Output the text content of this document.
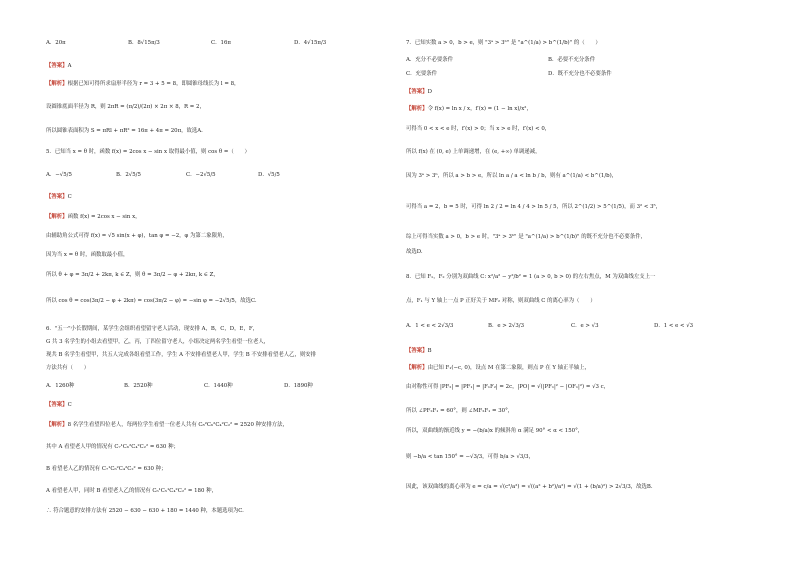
A．20π	B．8√15π/3	C．16π	D．4√15π/3
【答案】A
【解析】根据已知可得所求扇形半径为 r = 3 + 5 = 8，即圆锥母线长为 l = 8，
设圆锥底面半径为 R，则 2πR = (π/2)/(2π) × 2π × 8，R = 2，
所以圆锥表面积为 S = πRl + πR² = 16π + 4π = 20π，故选A.
5．已知当 x = θ 时，函数 f(x) = 2cos x − sin x 取得最小值，则 cos θ =（　　）
A．−√5/5	B．2√5/5	C．−2√5/5	D．√5/5
【答案】C
【解析】函数 f(x) = 2cos x − sin x，
由辅助角公式可得 f(x) = √5 sin(x + φ)，tan φ = −2，φ 为第二象限角，
因为当 x = θ 时，函数取最小值，
所以 θ + φ = 3π/2 + 2kπ, k ∈ Z，则 θ = 3π/2 − φ + 2kπ, k ∈ Z，
所以 cos θ = cos(3π/2 − φ + 2kπ) = cos(3π/2 − φ) = −sin φ = −2√5/5，故选C.
6．"五一"小长假期间，某学生会组织看望留守老人活动，现安排 A，B，C，D，E，F，
G 共 3 名学生的小组去看望甲，乙，丙，丁四位留守老人，小组决定两名学生看望一位老人，
现共 B 名学生看望甲，共五人完成各组看望工作，学生 A 不安排看望老人甲，学生 B 不安排看望老人乙，则安排
方法共有（　　）
A．1260种	B．2520种	C．1440种	D．1890种
【答案】C
【解析】8 名学生看望四位老人，每两位学生看望一位老人共有 C₈²C₆²C₄²C₂² = 2520 种安排方法，
其中 A 看望老人甲的情况有 C₇¹C₆²C₄²C₂² = 630 种；
B 看望老人乙的情况有 C₇¹C₆²C₄²C₂² = 630 种；
A 看望老人甲，同时 B 看望老人乙的情况有 C₆¹C₅¹C₄²C₂² = 180 种，
∴ 符合题意的安排方法有 2520 − 630 − 630 + 180 = 1440 种，本题选项为C.
7．已知实数 a > 0，b > e，则 "3ᵃ > 3ᵇ" 是 "a^(1/a) > b^(1/b)" 的（　　）
A．充分不必要条件	B．必要不充分条件
C．充要条件	D．既不充分也不必要条件
【答案】D
【解析】令 f(x) = ln x / x，f′(x) = (1 − ln x)/x²，
可得当 0 < x < e 时，f′(x) > 0；当 x > e 时，f′(x) < 0，
所以 f(x) 在 (0, e) 上单调递增，在 (e, +∞) 单调递减，
因为 3ᵃ > 3ᵇ，所以 a > b > e，所以 ln a / a < ln b / b，则有 a^(1/a) < b^(1/b)，
可得当 a = 2，b = 5 时，可得 ln 2 / 2 = ln 4 / 4 > ln 5 / 5，所以 2^(1/2) > 5^(1/5)，而 3² < 3⁵，
综上可得当实数 a > 0，b > e 时，"3ᵃ > 3ᵇ" 是 "a^(1/a) > b^(1/b)" 的既不充分也不必要条件，
故选D.
8．已知 F₁，F₂ 分别为双曲线 C: x²/a² − y²/b² = 1 (a > 0, b > 0) 的左右焦点，M 为双曲线左支上一
点，F₁ 与 Y 轴上一点 P 正好关于 MF₂ 对称，则双曲线 C 的离心率为（　　）
A．1 < e < 2√3/3	B．e > 2√3/3	C．e > √3	D．1 < e < √3
【答案】B
【解析】由已知 F₁(−c, 0)，设点 M 在第二象限，则点 P 在 Y 轴正半轴上，
由对称性可得 |PF₂| = |PF₁| = |F₁F₂| = 2c，|PO| = √(|PF₁|² − |OF₁|²) = √3 c，
所以 ∠PF₂F₁ = 60°，则 ∠MF₂F₁ = 30°，
所以，双曲线的渐近线 y = −(b/a)x 的倾斜角 α 满足 90° < α < 150°，
则 −b/a < tan 150° = −√3/3，可得 b/a > √3/3，
因此，该双曲线的离心率为 e = c/a = √(c²/a²) = √((a² + b²)/a²) = √(1 + (b/a)²) > 2√3/3，故选B.
